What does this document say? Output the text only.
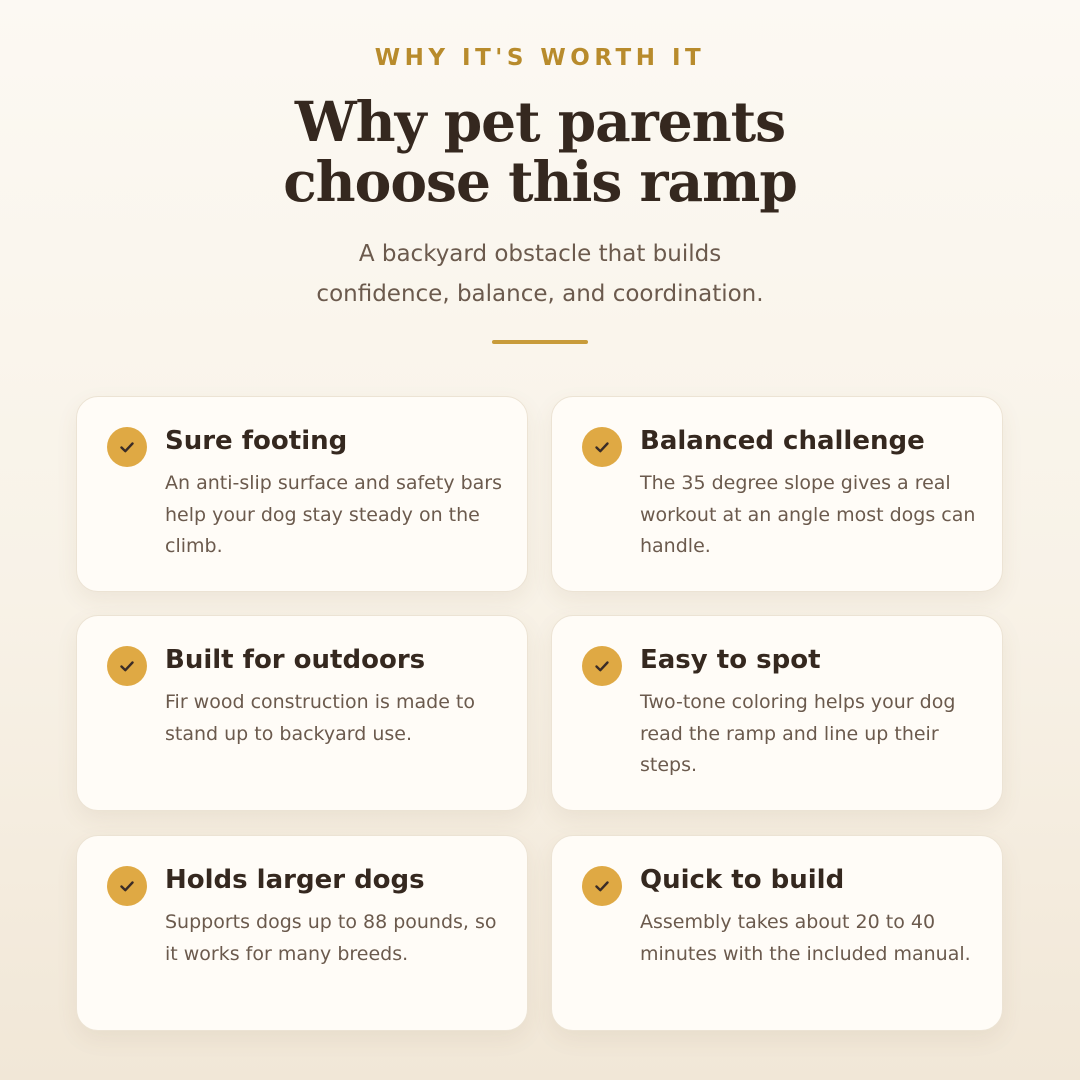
WHY IT'S WORTH IT
Why pet parents
choose this ramp

A backyard obstacle that builds
confidence, balance, and coordination.

Sure footing
An anti-slip surface and safety bars help your dog stay steady on the climb.
Balanced challenge
The 35 degree slope gives a real workout at an angle most dogs can handle.
Built for outdoors
Fir wood construction is made to stand up to backyard use.
Easy to spot
Two-tone coloring helps your dog read the ramp and line up their steps.
Holds larger dogs
Supports dogs up to 88 pounds, so it works for many breeds.
Quick to build
Assembly takes about 20 to 40 minutes with the included manual.
